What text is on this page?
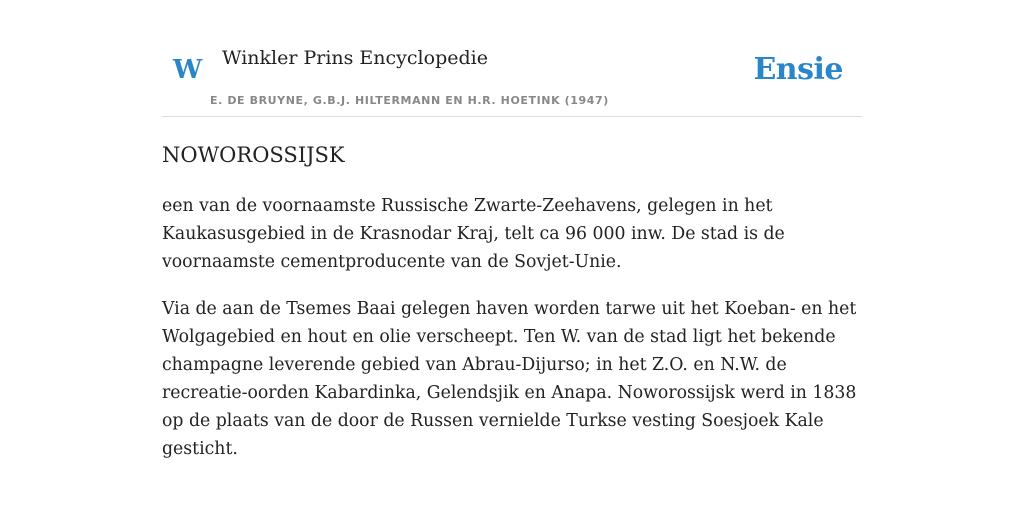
W Winkler Prins Encyclopedie
E. DE BRUYNE, G.B.J. HILTERMANN EN H.R. HOETINK (1947)
Ensie
NOWOROSSIJSK

een van de voornaamste Russische Zwarte-Zeehavens, gelegen in het Kaukasusgebied in de Krasnodar Kraj, telt ca 96 000 inw. De stad is de voornaamste cementproducente van de Sovjet-Unie.

Via de aan de Tsemes Baai gelegen haven worden tarwe uit het Koeban- en het Wolgagebied en hout en olie verscheept. Ten W. van de stad ligt het bekende champagne leverende gebied van Abrau-Dijurso; in het Z.O. en N.W. de recreatie-oorden Kabardinka, Gelendsjik en Anapa. Noworossijsk werd in 1838 op de plaats van de door de Russen vernielde Turkse vesting Soesjoek Kale gesticht.
